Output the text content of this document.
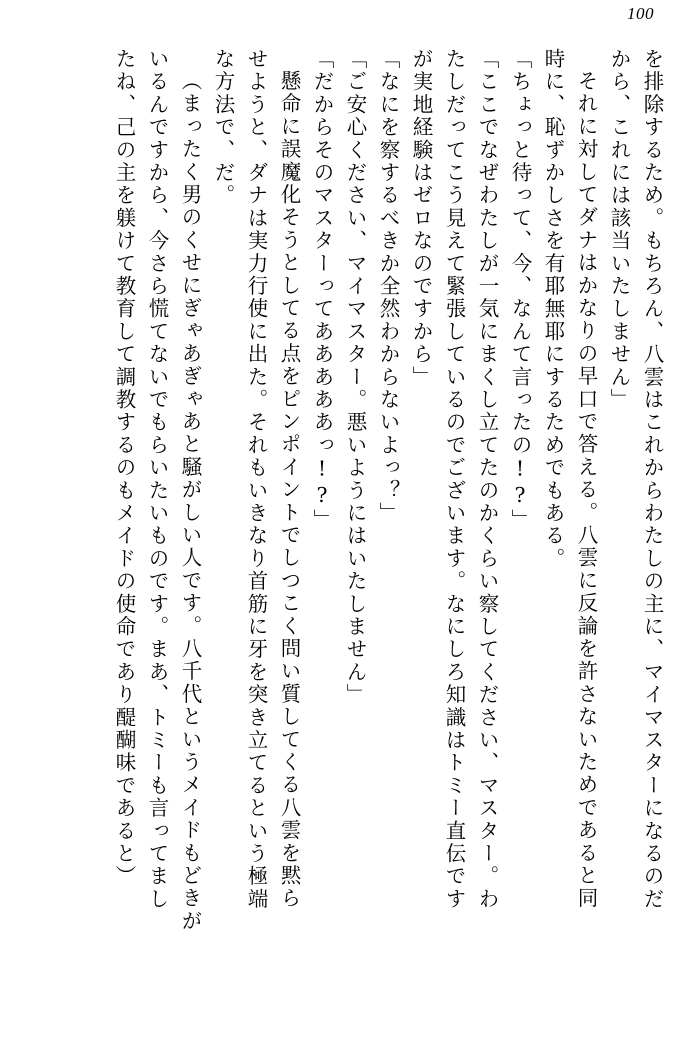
100
を排除するため。もちろん、八雲はこれからわたしの主に、マイマスターになるのだ
から、これには該当いたしません」
それに対してダナはかなりの早口で答える。八雲に反論を許さないためであると同
時に、恥ずかしさを有耶無耶にするためでもある。
「ちょっと待って、今、なんて言ったの!?」
「ここでなぜわたしが一気にまくし立てたのかくらい察してください、マスター。わ
たしだってこう見えて緊張しているのでございます。なにしろ知識はトミー直伝です
が実地経験はゼロなのですから」
「なにを察するべきか全然わからないよっ？」
「ご安心ください、マイマスター。悪いようにはいたしません」
「だからそのマスターってあああああっ!?」
懸命に誤魔化そうとしてる点をピンポイントでしつこく問い質してくる八雲を黙ら
せようと、ダナは実力行使に出た。それもいきなり首筋に牙を突き立てるという極端
な方法で、だ。
（まったく男のくせにぎゃあぎゃあと騒がしい人です。八千代というメイドもどきが
いるんですから、今さら慌てないでもらいたいものです。まあ、トミーも言ってまし
たね、己の主を躾けて教育して調教するのもメイドの使命であり醍醐味であると）
